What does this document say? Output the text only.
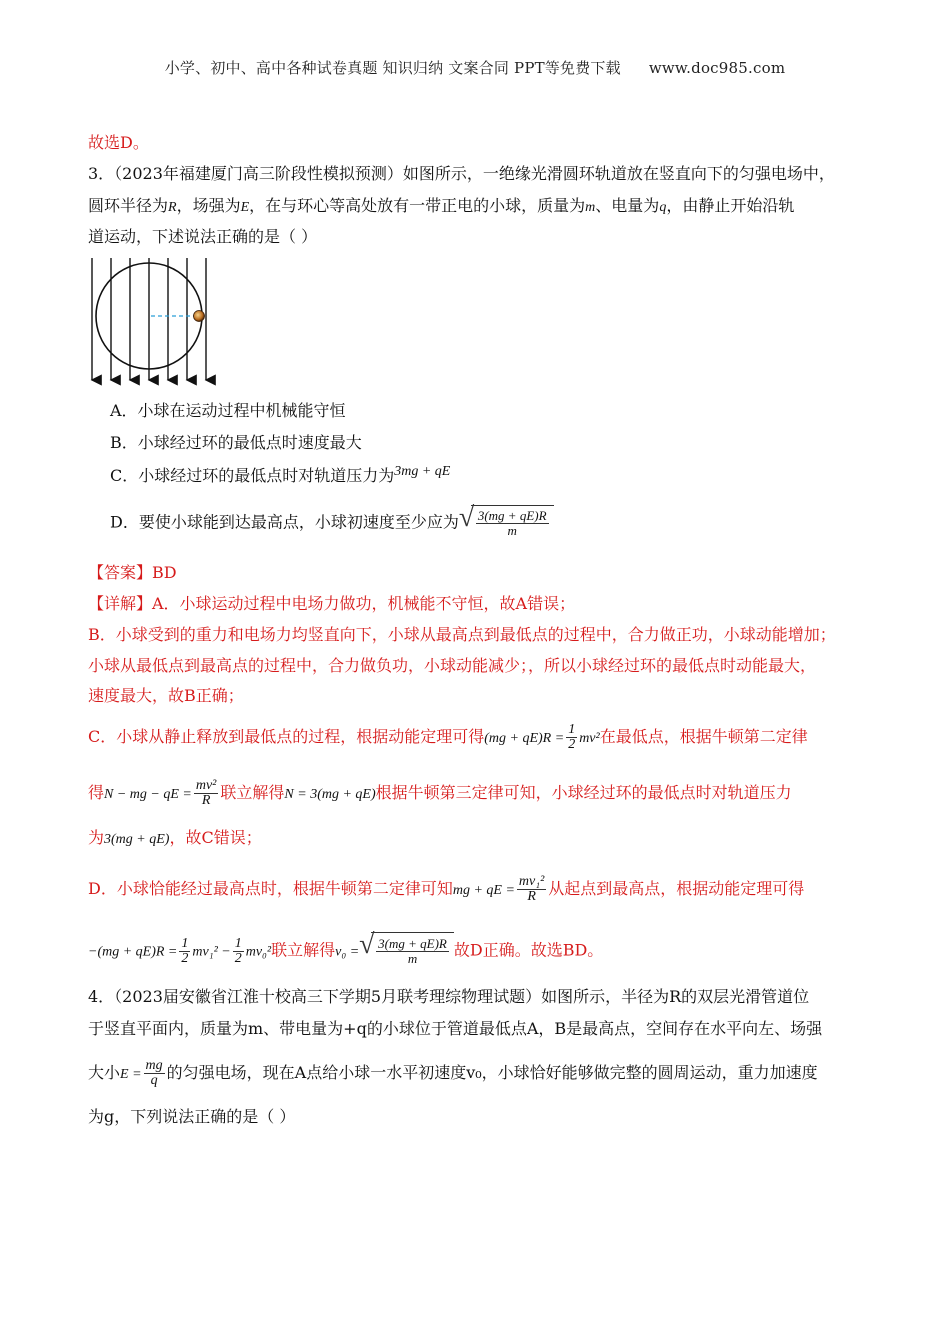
小学、初中、高中各种试卷真题 知识归纳 文案合同 PPT等免费下载 www.doc985.com
故选D。
3．（2023年福建厦门高三阶段性模拟预测）如图所示，一绝缘光滑圆环轨道放在竖直向下的匀强电场中，
圆环半径为R，场强为E，在与环心等高处放有一带正电的小球，质量为m、电量为q，由静止开始沿轨
道运动，下述说法正确的是（ ）
A．小球在运动过程中机械能守恒
B．小球经过环的最低点时速度最大
C．小球经过环的最低点时对轨道压力为3mg + qE
D．要使小球能到达最高点，小球初速度至少应为 √ $\frac{3(mg + qE)R}{m}$
【答案】BD
【详解】A．小球运动过程中电场力做功，机械能不守恒，故A错误；
B．小球受到的重力和电场力均竖直向下，小球从最高点到最低点的过程中，合力做正功，小球动能增加；
小球从最低点到最高点的过程中，合力做负功，小球动能减少；，所以小球经过环的最低点时动能最大，
速度最大，故B正确；
C．小球从静止释放到最低点的过程，根据动能定理可得$(mg + qE)R = \frac{1}{2} mv^2$在最低点，根据牛顿第二定律
得N − mg − qE = $\frac{\text{mv²}}{R}$ 联立解得N = 3(mg + qE)根据牛顿第三定律可知，小球经过环的最低点时对轨道压力
为3(mg + qE)，故C错误；
D．小球恰能经过最高点时，根据牛顿第二定律可知mg + qE = $\frac{\text{mv₁²}}{R}$ 从起点到最高点，根据动能定理可得
$-(mg + qE)R = \frac{1}{2} mv_1^2 - \frac{1}{2} mv_0^2$联立解得v₀ = √ $\frac{3(mg + qE)R}{m}$ 故D正确。故选BD。
4．（2023届安徽省江淮十校高三下学期5月联考理综物理试题）如图所示，半径为R的双层光滑管道位
于竖直平面内，质量为m、带电量为+q的小球位于管道最低点A，B是最高点，空间存在水平向左、场强
大小$E = \frac{mg}{q}$ 的匀强电场，现在A点给小球一水平初速度v₀，小球恰好能够做完整的圆周运动，重力加速度
为g，下列说法正确的是（ ）
